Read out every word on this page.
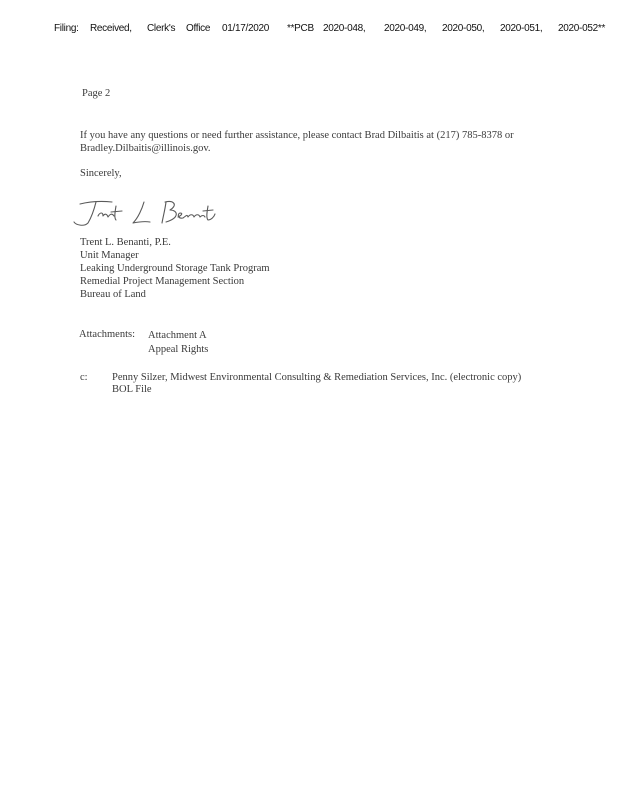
Filing: Received, Clerk's Office 01/17/2020 **PCB 2020-048, 2020-049, 2020-050, 2020-051, 2020-052**
Page 2
If you have any questions or need further assistance, please contact Brad Dilbaitis at (217) 785-8378 or Bradley.Dilbaitis@illinois.gov.
Sincerely,
Trent L. Benanti, P.E.
Unit Manager
Leaking Underground Storage Tank Program
Remedial Project Management Section
Bureau of Land
Attachments: Attachment A
Appeal Rights
c: Penny Silzer, Midwest Environmental Consulting & Remediation Services, Inc. (electronic copy)
BOL File
